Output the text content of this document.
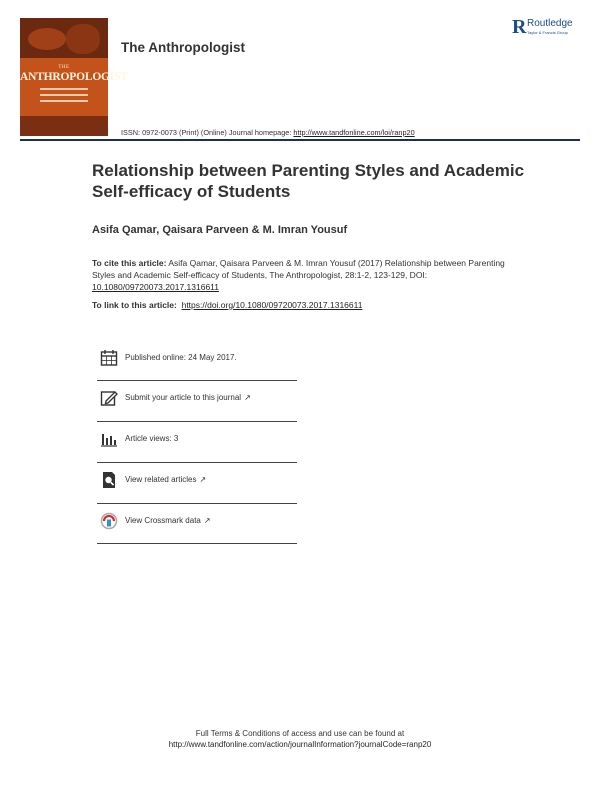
THE
ANTHROPOLOGIST
The Anthropologist
R Routledge
Taylor & Francis Group
ISSN: 0972-0073 (Print) (Online) Journal homepage: http://www.tandfonline.com/loi/ranp20
Relationship between Parenting Styles and Academic Self-efficacy of Students
Asifa Qamar, Qaisara Parveen & M. Imran Yousuf
To cite this article: Asifa Qamar, Qaisara Parveen & M. Imran Yousuf (2017) Relationship between Parenting Styles and Academic Self-efficacy of Students, The Anthropologist, 28:1-2, 123-129, DOI: 10.1080/09720073.2017.1316611
To link to this article: https://doi.org/10.1080/09720073.2017.1316611
Published online: 24 May 2017.
Submit your article to this journal ↗
Article views: 3
View related articles ↗
View Crossmark data ↗
Full Terms & Conditions of access and use can be found at
http://www.tandfonline.com/action/journalInformation?journalCode=ranp20
